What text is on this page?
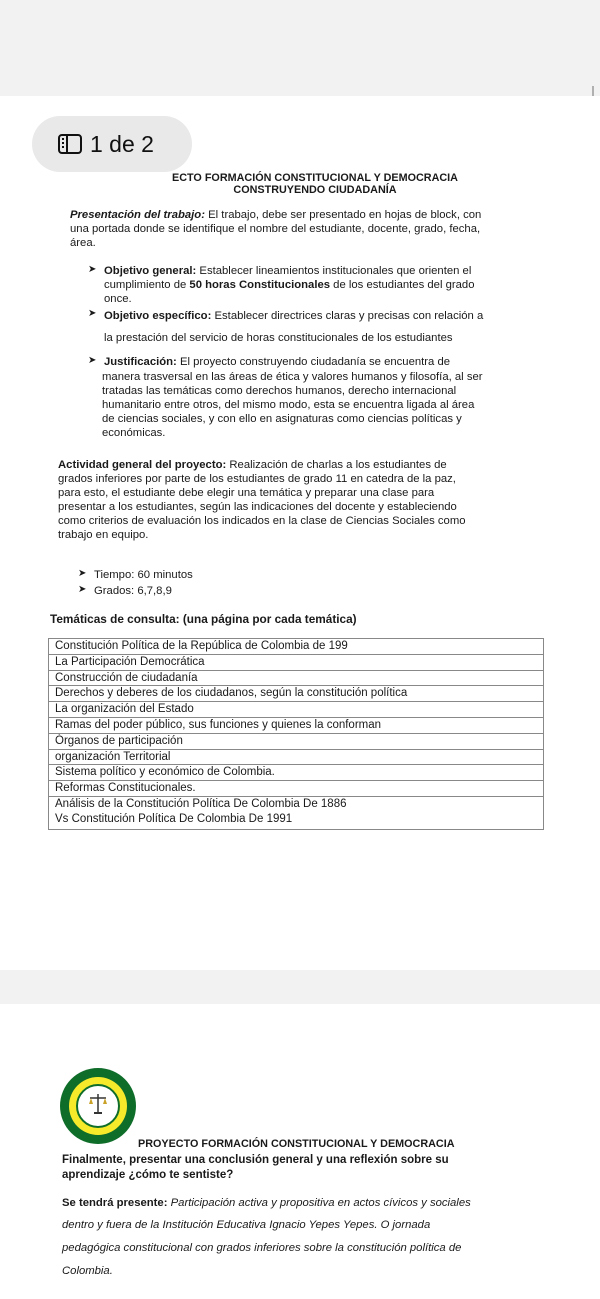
1 de 2
ECTO FORMACIÓN CONSTITUCIONAL Y DEMOCRACIA
CONSTRUYENDO CIUDADANÍA
Presentación del trabajo: El trabajo, debe ser presentado en hojas de block, con
una portada donde se identifique el nombre del estudiante, docente, grado, fecha,
área.
➤ Objetivo general: Establecer lineamientos institucionales que orienten el
cumplimiento de 50 horas Constitucionales de los estudiantes del grado
once.
➤ Objetivo específico: Establecer directrices claras y precisas con relación a
la prestación del servicio de horas constitucionales de los estudiantes
➤ Justificación: El proyecto construyendo ciudadanía se encuentra de
manera trasversal en las áreas de ética y valores humanos y filosofía, al ser
tratadas las temáticas como derechos humanos, derecho internacional
humanitario entre otros, del mismo modo, esta se encuentra ligada al área
de ciencias sociales, y con ello en asignaturas como ciencias políticas y
económicas.
Actividad general del proyecto: Realización de charlas a los estudiantes de
grados inferiores por parte de los estudiantes de grado 11 en catedra de la paz,
para esto, el estudiante debe elegir una temática y preparar una clase para
presentar a los estudiantes, según las indicaciones del docente y estableciendo
como criterios de evaluación los indicados en la clase de Ciencias Sociales como
trabajo en equipo.
➤ Tiempo: 60 minutos
➤ Grados: 6,7,8,9
Temáticas de consulta: (una página por cada temática)
Constitución Política de la República de Colombia de 199
La Participación Democrática
Construcción de ciudadanía
Derechos y deberes de los ciudadanos, según la constitución política
La organización del Estado
Ramas del poder público, sus funciones y quienes la conforman
Órganos de participación
organización Territorial
Sistema político y económico de Colombia.
Reformas Constitucionales.
Análisis de la Constitución Política De Colombia De 1886
Vs Constitución Política De Colombia De 1991
PROYECTO FORMACIÓN CONSTITUCIONAL Y DEMOCRACIA
Finalmente, presentar una conclusión general y una reflexión sobre su
aprendizaje ¿cómo te sentiste?
Se tendrá presente: Participación activa y propositiva en actos cívicos y sociales
dentro y fuera de la Institución Educativa Ignacio Yepes Yepes. O jornada
pedagógica constitucional con grados inferiores sobre la constitución política de
Colombia.
